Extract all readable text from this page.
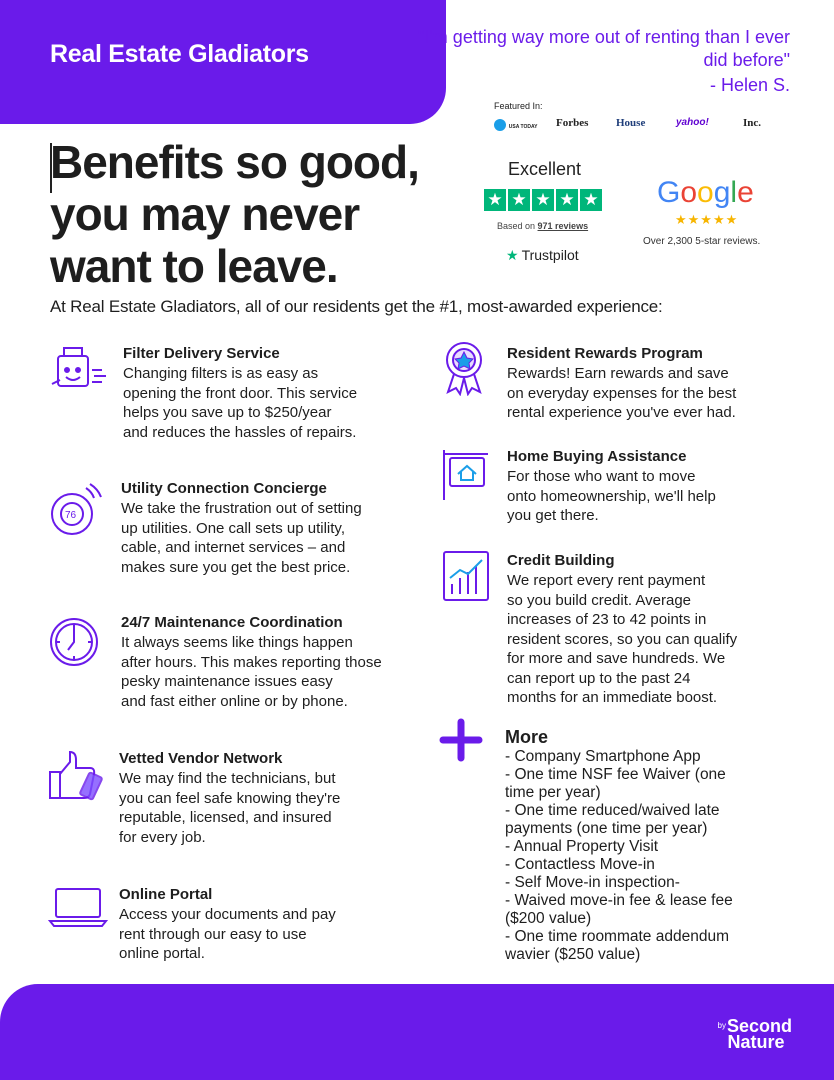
Real Estate Gladiators
"I'm getting way more out of renting than I ever did before"
- Helen S.
Featured In:
USA TODAY Forbes	House	yahoo!	Inc.
Benefits so good, you may never want to leave.
Excellent
★ ★ ★ ★ ★
Based on 971 reviews
★ Trustpilot
Google
★★★★★
Over 2,300 5-star reviews.
At Real Estate Gladiators, all of our residents get the #1, most-awarded experience:

Filter Delivery Service

Changing filters is as easy as
opening the front door. This service
helps you save up to $250/year
and reduces the hassles of repairs.

76

Utility Connection Concierge

We take the frustration out of setting
up utilities. One call sets up utility,
cable, and internet services – and
makes sure you get the best price.

24/7 Maintenance Coordination

It always seems like things happen
after hours. This makes reporting those
pesky maintenance issues easy
and fast either online or by phone.

Vetted Vendor Network

We may find the technicians, but
you can feel safe knowing they're
reputable, licensed, and insured
for every job.

Online Portal

Access your documents and pay
rent through our easy to use
online portal.

Resident Rewards Program

Rewards! Earn rewards and save
on everyday expenses for the best
rental experience you've ever had.

Home Buying Assistance

For those who want to move
onto homeownership, we'll help
you get there.

Credit Building

We report every rent payment
so you build credit. Average
increases of 23 to 42 points in
resident scores, so you can qualify
for more and save hundreds. We
can report up to the past 24
months for an immediate boost.

More

- Company Smartphone App
- One time NSF fee Waiver (one
time per year)
- One time reduced/waived late
payments (one time per year)
- Annual Property Visit
- Contactless Move-in
- Self Move-in inspection-
- Waived move-in fee & lease fee
($200 value)
- One time roommate addendum
wavier ($250 value)

$^{by}$Second
Nature
